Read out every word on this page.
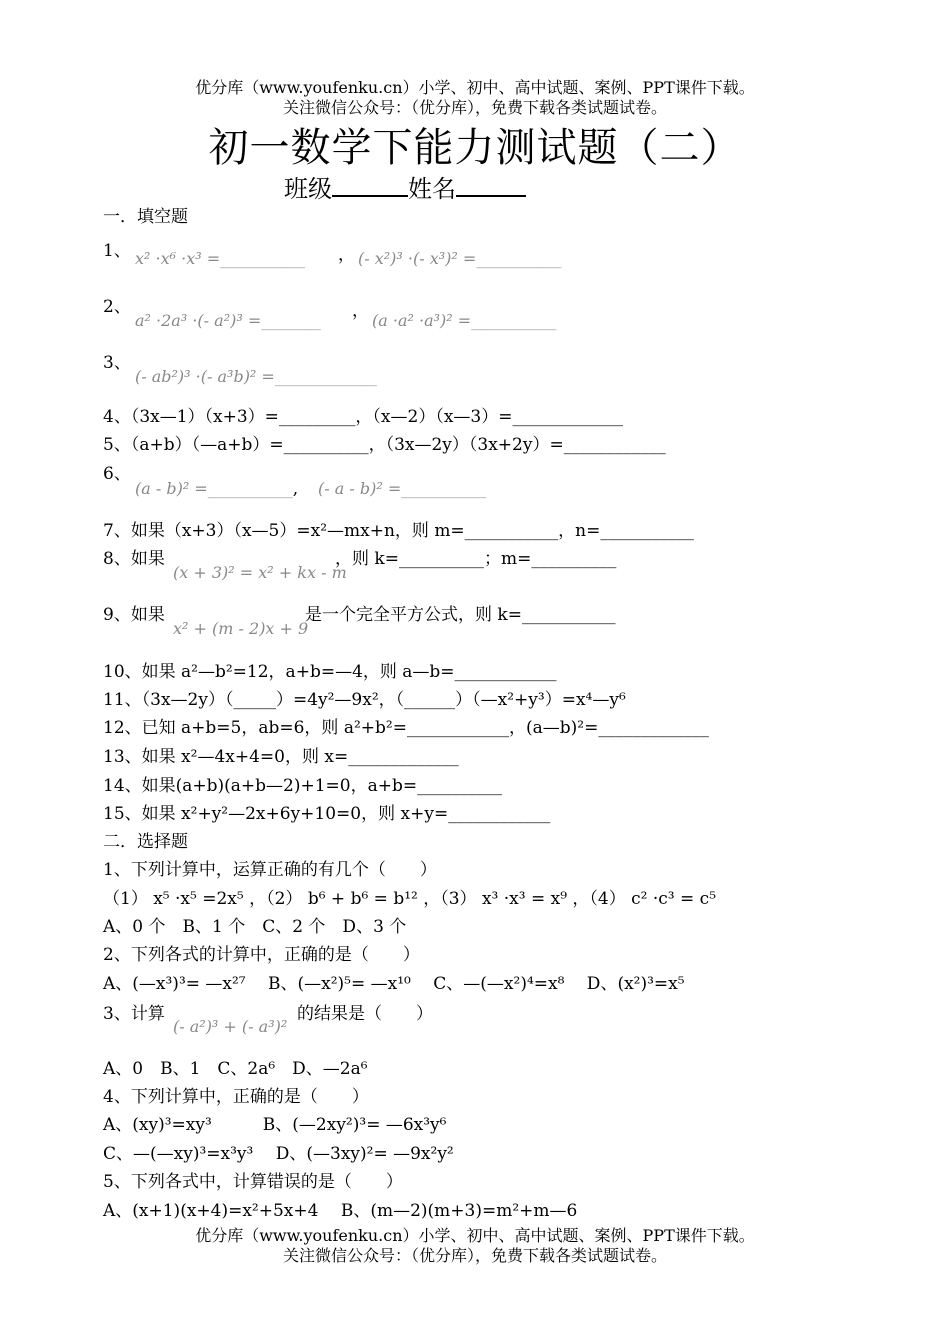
优分库（www.youfenku.cn）小学、初中、高中试题、案例、PPT课件下载。
关注微信公众号：（优分库），免费下载各类试题试卷。
初一数学下能力测试题（二）
班级	姓名
一．填空题
1、 x² ·x⁶ ·x³ =__________ ， (- x²)³ ·(- x³)² =__________
2、
a² ·2a³ ·(- a²)³ =_______ ， (a ·a² ·a³)² =__________
3、
(- ab²)³ ·(- a³b)² =____________
4、（3x—1）（x+3）=_________，（x—2）（x—3）=_____________
5、（a+b）（—a+b）=__________，（3x—2y）（3x+2y）=____________
6、
(a - b)² =__________, (- a - b)² =__________
7、如果（x+3）（x—5）=x²—mx+n，则 m=___________，n=___________
8、如果
(x + 3)² = x² + kx - m
，则 k=__________；m=__________
9、如果
x² + (m - 2)x + 9
是一个完全平方公式，则 k=___________
10、如果 a²—b²=12，a+b=—4，则 a—b=____________
11、（3x—2y）（_____）=4y²—9x²，（______）（—x²+y³）=x⁴—y⁶
12、已知 a+b=5，ab=6，则 a²+b²=____________，(a—b)²=_____________
13、如果 x²—4x+4=0，则 x=_____________
14、如果(a+b)(a+b—2)+1=0，a+b=__________
15、如果 x²+y²—2x+6y+10=0，则 x+y=____________
二．选择题
1、下列计算中，运算正确的有几个（　　）
（1） x⁵ ·x⁵ =2x⁵ ，（2） b⁶ + b⁶ = b¹² ，（3） x³ ·x³ = x⁹ ，（4） c² ·c³ = c⁵
A、0 个　B、1 个　C、2 个　D、3 个
2、下列各式的计算中，正确的是（　　）
A、(—x³)³= —x²⁷　 B、(—x²)⁵= —x¹⁰　 C、—(—x²)⁴=x⁸　 D、(x²)³=x⁵
3、计算
(- a²)³ + (- a³)²
的结果是（　　）
A、0　B、1　C、2a⁶　D、—2a⁶
4、下列计算中，正确的是（　　）
A、(xy)³=xy³　　　B、(—2xy²)³= —6x³y⁶
C、—(—xy)³=x³y³　 D、(—3xy)²= —9x²y²
5、下列各式中，计算错误的是（　　）
A、(x+1)(x+4)=x²+5x+4　 B、(m—2)(m+3)=m²+m—6
优分库（www.youfenku.cn）小学、初中、高中试题、案例、PPT课件下载。
关注微信公众号：（优分库），免费下载各类试题试卷。
